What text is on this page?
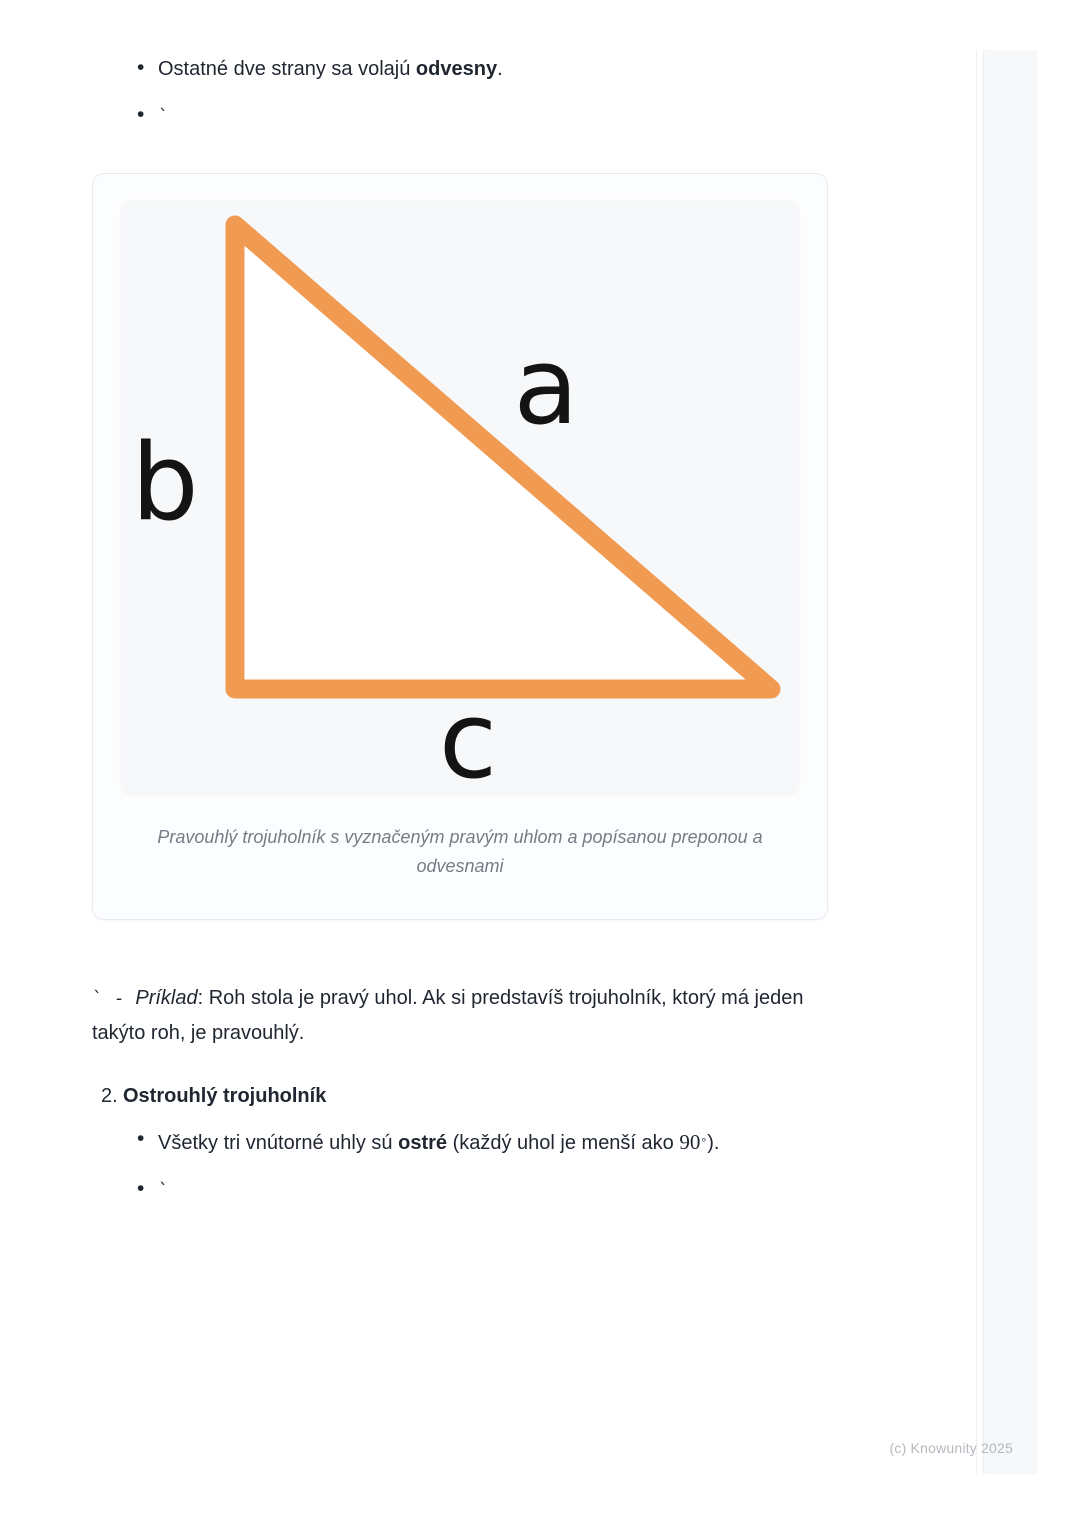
• Ostatné dve strany sa volajú odvesny.
• `
b
a
c
Pravouhlý trojuholník s vyznačeným pravým uhlom a popísanou preponou a odvesnami

` - Príklad: Roh stola je pravý uhol. Ak si predstavíš trojuholník, ktorý má jeden takýto roh, je pravouhlý.

2. Ostrouhlý trojuholník
• Všetky tri vnútorné uhly sú ostré (každý uhol je menší ako 90∘).
• `
(c) Knowunity 2025
